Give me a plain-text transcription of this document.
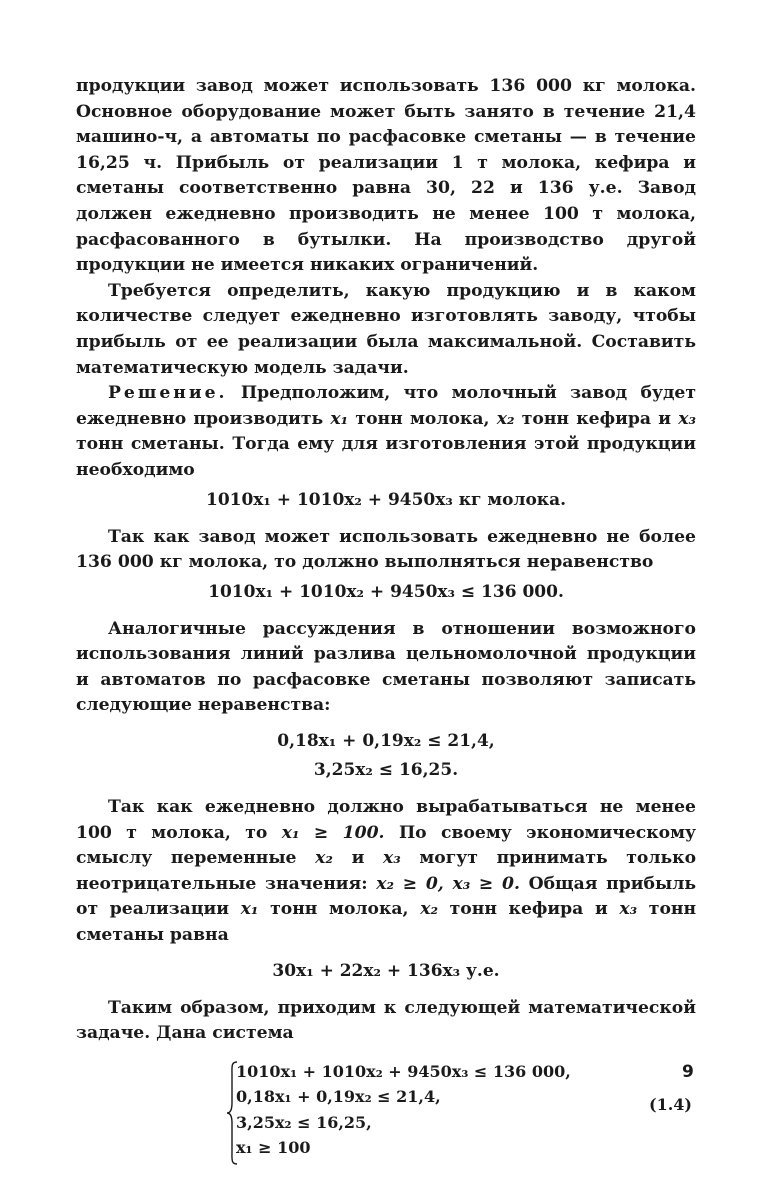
продукции завод может использовать 136 000 кг молока. Основное оборудование может быть занято в течение 21,4 машино-ч, а автоматы по расфасовке сметаны — в течение 16,25 ч. Прибыль от реализации 1 т молока, кефира и сметаны соответственно равна 30, 22 и 136 у.е. Завод должен ежедневно производить не менее 100 т молока, расфасованного в бутылки. На производство другой продукции не имеется никаких ограничений.

Требуется определить, какую продукцию и в каком количестве следует ежедневно изготовлять заводу, чтобы прибыль от ее реализации была максимальной. Составить математическую модель задачи.

Решение. Предположим, что молочный завод будет ежедневно производить x₁ тонн молока, x₂ тонн кефира и x₃ тонн сметаны. Тогда ему для изготовления этой продукции необходимо

1010x₁ + 1010x₂ + 9450x₃ кг молока.

Так как завод может использовать ежедневно не более 136 000 кг молока, то должно выполняться неравенство

1010x₁ + 1010x₂ + 9450x₃ ≤ 136 000.

Аналогичные рассуждения в отношении возможного использования линий разлива цельномолочной продукции и автоматов по расфасовке сметаны позволяют записать следующие неравенства:

0,18x₁ + 0,19x₂ ≤ 21,4,
3,25x₂ ≤ 16,25.

Так как ежедневно должно вырабатываться не менее 100 т молока, то x₁ ≥ 100. По своему экономическому смыслу переменные x₂ и x₃ могут принимать только неотрицательные значения: x₂ ≥ 0, x₃ ≥ 0. Общая прибыль от реализации x₁ тонн молока, x₂ тонн кефира и x₃ тонн сметаны равна

30x₁ + 22x₂ + 136x₃ у.е.

Таким образом, приходим к следующей математической задаче. Дана система

1010x₁ + 1010x₂ + 9450x₃ ≤ 136 000,
0,18x₁ + 0,19x₂ ≤ 21,4,
3,25x₂ ≤ 16,25,
x₁ ≥ 100
(1.4)
9
